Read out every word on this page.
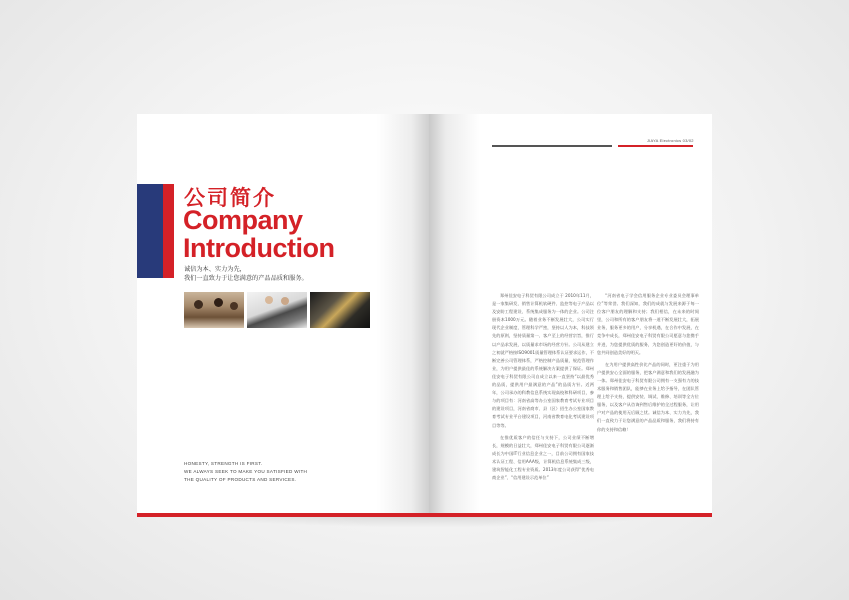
公司简介
Company
Introduction
诚信为本、实力为先，
我们一直致力于让您满意的产品品质和服务。
HONESTY, STRENGTH IS FIRST.
WE ALWAYS SEEK TO MAKE YOU SATISFIED WITH
THE QUALITY OF PRODUCTS AND SERVICES.
JIAYA Electronics 03/02

郑州佳安电子科贸有限公司成立于 2010年11月，是一家集研发、销售计算机软硬件、监控等电子产品以及安防工程建设、系统集成服务为一体的企业。公司注册资本1000万元。随着业务不断发展壮大，公司实行现代企业制度，管理科学严密，坚持以人为本，科技领先的原则，坚持质量第一、客户至上的经营宗旨，推行以产品求发展，以质量求市场的经营方针。公司从建立之初就严格按ISO9001质量管理体系认证要求运作，不断完善公司管理体系，严格控制产品质量，规范管理作业，为用户提供最佳的系统解决方案提供了保证。郑州佳安电子科贸有限公司自成立以来一直坚持“以最优秀的品质，提供用户最满意的产品”的品质方针。近两年，公司承办的科教信息系统实现高校和科研项目，参与的项目有：河南省高等办公室国家教育考试专业项目的建设项目，河南省商市、县（区）招生办公室国家教育考试专业平台建设项目，河南省教育电化考试建设项目等等。

在推优质客户的信任与支持下，公司业绩不断增长，规模的日益壮大，郑州佳安电子科贸有限公司逐渐成长为中国IT行业信息企业之一，目前公司拥有国家技术认证工程、信用AAA级，计算机信息系统集成三级，建筑智能化工程专业资质。2013年度公司获得“优秀电商企业”、“信用建设示范单位”

“河南省电子学会信用服务企业专业委员会理事单位”等荣誉。我们深知，我们的成就与发展来源于每一位客户朋友的理解和支持；我们相信，在未来的时间里，公司和所有的客户朋友将一道不断发展壮大，拓展业务，服务更多的用户，分享机遇，在合作中发展，在竞争中成长，郑州佳安电子科贸有限公司愿意与您携手并进，为您提供优质的服务，为您创造更好的价值，与您共同创造美好的明天。

在为用户提供高性价比产品的同时，更注重于为用户提供安心全面的服务，把客户满意和我们的发展融为一体。郑州佳安电子科贸有限公司拥有一支强有力的技术服务和销售团队，能够在业务上给予指导，在团队管理上给予支持，提供安装、调试、维修、培训等全方位服务，以及客户从咨询到售后维护的全过程服务，让用户对产品的使用无后顾之忧。诚信为本、实力为先，我们一直致力于让您满意的产品品质和服务，我们将持有你的支持和信赖！
